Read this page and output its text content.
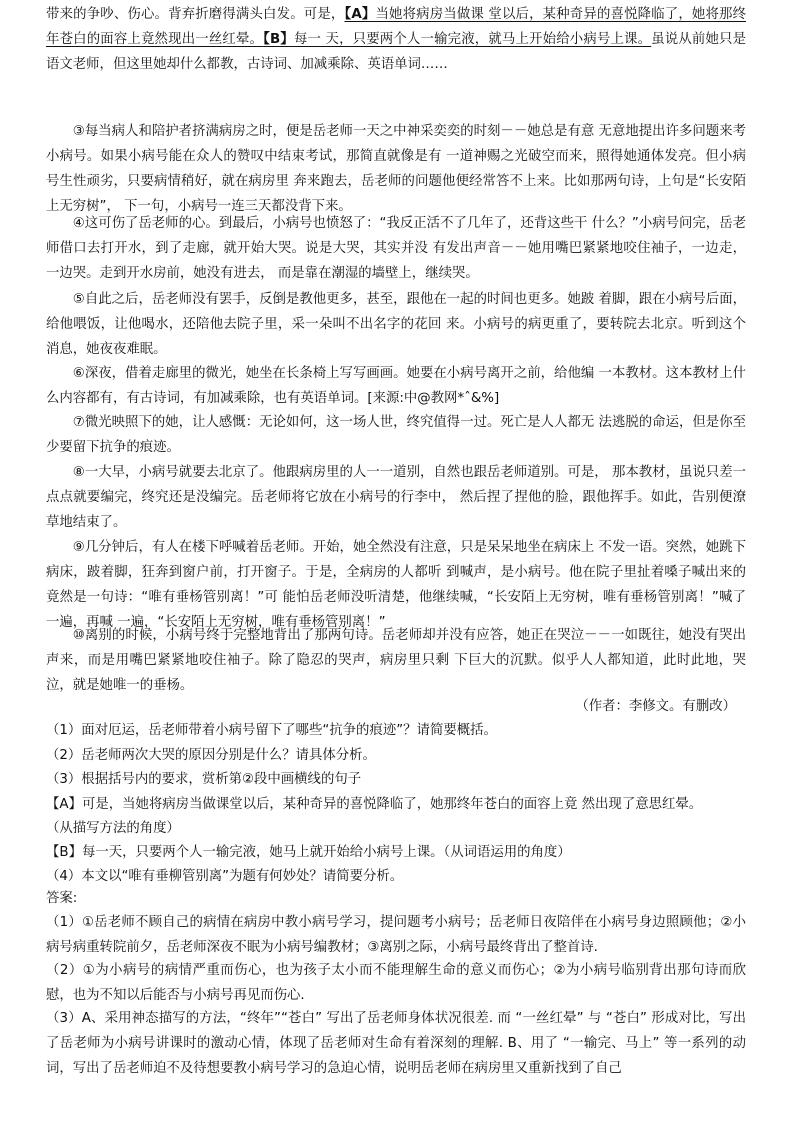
带来的争吵、伤心。背弃折磨得满头白发。可是，【A】当她将病房当做课 堂以后，某种奇异的喜悦降临了，她将那终年苍白的面容上竟然现出一丝红晕。【B】每一 天，只要两个人一输完液，就马上开始给小病号上课。虽说从前她只是语文老师，但这里她却什么都教，古诗词、加减乘除、英语单词……

③每当病人和陪护者挤满病房之时，便是岳老师一天之中神采奕奕的时刻－－她总是有意 无意地提出许多问题来考小病号。如果小病号能在众人的赞叹中结束考试，那简直就像是有 一道神赐之光破空而来，照得她通体发亮。但小病号生性顽劣，只要病情稍好，就在病房里 奔来跑去，岳老师的问题他便经常答不上来。比如那两句诗，上句是“长安陌上无穷树”， 下一句，小病号一连三天都没背下来。

④这可伤了岳老师的心。到最后，小病号也愤怒了：“我反正活不了几年了，还背这些干 什么？”小病号问完，岳老师借口去打开水，到了走廊，就开始大哭。说是大哭，其实并没 有发出声音－－她用嘴巴紧紧地咬住袖子，一边走，一边哭。走到开水房前，她没有进去， 而是靠在潮湿的墙壁上，继续哭。

⑤自此之后，岳老师没有罢手，反倒是教他更多，甚至，跟他在一起的时间也更多。她跛 着脚，跟在小病号后面，给他喂饭，让他喝水，还陪他去院子里，采一朵叫不出名字的花回 来。小病号的病更重了，要转院去北京。听到这个消息，她夜夜难眠。

⑥深夜，借着走廊里的微光，她坐在长条椅上写写画画。她要在小病号离开之前，给他编 一本教材。这本教材上什么内容都有，有古诗词，有加减乘除，也有英语单词。[来源:中@教网*ˆ&%]

⑦微光映照下的她，让人感慨：无论如何，这一场人世，终究值得一过。死亡是人人都无 法逃脱的命运，但是你至少要留下抗争的痕迹。

⑧一大早，小病号就要去北京了。他跟病房里的人一一道别，自然也跟岳老师道别。可是， 那本教材，虽说只差一点点就要编完，终究还是没编完。岳老师将它放在小病号的行李中， 然后捏了捏他的脸，跟他挥手。如此，告别便潦草地结束了。

⑨几分钟后，有人在楼下呼喊着岳老师。开始，她全然没有注意，只是呆呆地坐在病床上 不发一语。突然，她跳下病床，跛着脚，狂奔到窗户前，打开窗子。于是，全病房的人都听 到喊声，是小病号。他在院子里扯着嗓子喊出来的竟然是一句诗：“唯有垂杨管别离！”可 能怕岳老师没听清楚，他继续喊，“长安陌上无穷树，唯有垂杨管别离！”喊了一遍，再喊 一遍，“长安陌上无穷树，唯有垂杨管别离！”

⑩离别的时候，小病号终于完整地背出了那两句诗。岳老师却并没有应答，她正在哭泣－－一如既往，她没有哭出声来，而是用嘴巴紧紧地咬住袖子。除了隐忍的哭声，病房里只剩 下巨大的沉默。似乎人人都知道，此时此地，哭泣，就是她唯一的垂杨。

（作者：李修文。有删改）

（1）面对厄运，岳老师带着小病号留下了哪些“抗争的痕迹”？请简要概括。

（2）岳老师两次大哭的原因分别是什么？请具体分析。

（3）根据括号内的要求，赏析第②段中画横线的句子

【A】可是，当她将病房当做课堂以后，某种奇异的喜悦降临了，她那终年苍白的面容上竟 然出现了意思红晕。

（从描写方法的角度）

【B】每一天，只要两个人一输完液，她马上就开始给小病号上课。（从词语运用的角度）

（4）本文以“唯有垂柳管别离”为题有何妙处？请简要分析。

答案:

（1）①岳老师不顾自己的病情在病房中教小病号学习，提问题考小病号；岳老师日夜陪伴在小病号身边照顾他；②小病号病重转院前夕，岳老师深夜不眠为小病号编教材；③离别之际，小病号最终背出了整首诗.

（2）①为小病号的病情严重而伤心，也为孩子太小而不能理解生命的意义而伤心；②为小病号临别背出那句诗而欣慰，也为不知以后能否与小病号再见而伤心.

（3）A、采用神态描写的方法，“终年”“苍白” 写出了岳老师身体状况很差. 而 “一丝红晕” 与 “苍白” 形成对比，写出了岳老师为小病号讲课时的激动心情，体现了岳老师对生命有着深刻的理解. B、用了 “一输完、马上” 等一系列的动词，写出了岳老师迫不及待想要教小病号学习的急迫心情，说明岳老师在病房里又重新找到了自己
